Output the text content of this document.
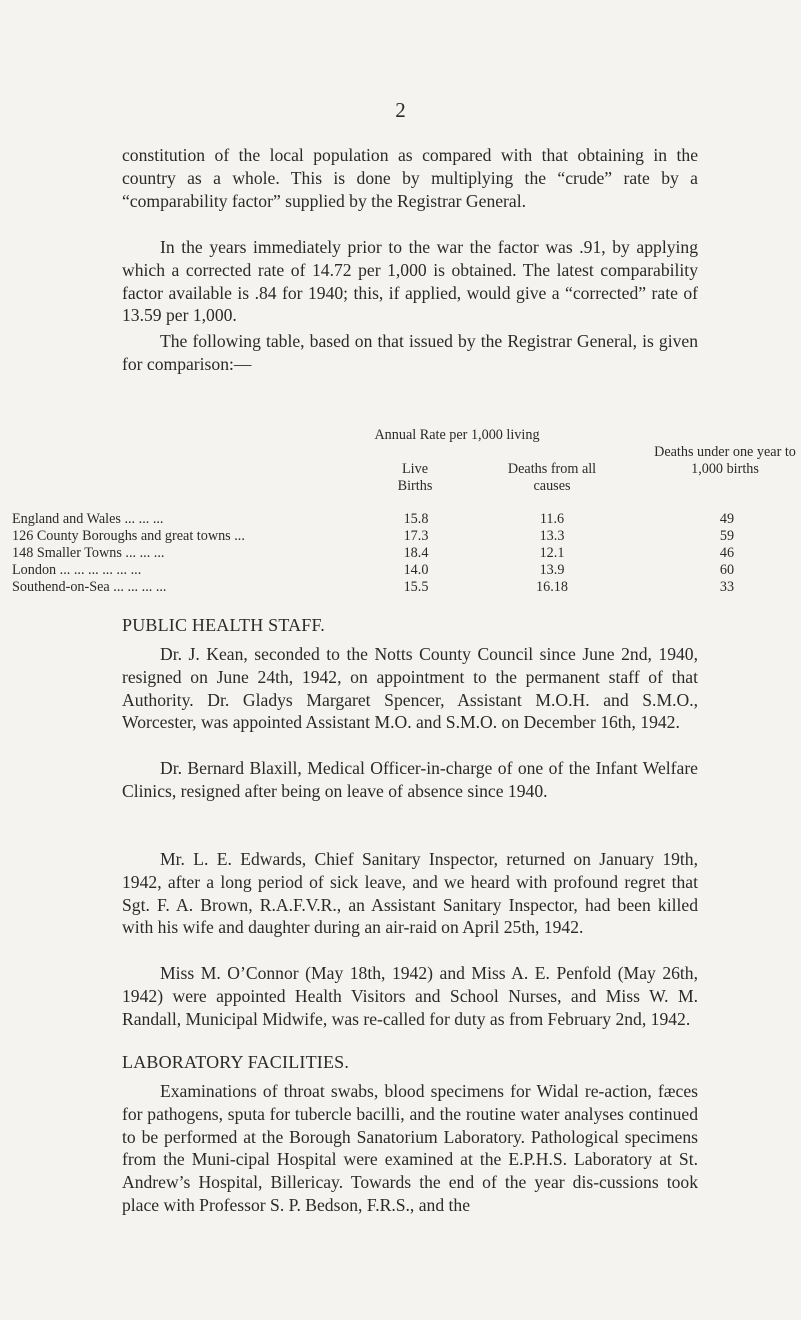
2

constitution of the local population as compared with that obtaining in the country as a whole. This is done by multiplying the “crude” rate by a “comparability factor” supplied by the Registrar General.

In the years immediately prior to the war the factor was .91, by applying which a corrected rate of 14.72 per 1,000 is obtained. The latest comparability factor available is .84 for 1940; this, if applied, would give a “corrected” rate of 13.59 per 1,000.

The following table, based on that issued by the Registrar General, is given for comparison:—

Annual Rate per 1,000 living
Live Births
Deaths from all causes
Deaths under one year to 1,000 births
England and Wales ... ... ...	15.8	11.6	49
126 County Boroughs and great towns ...	17.3	13.3	59
148 Smaller Towns ... ... ...	18.4	12.1	46
London ... ... ... ... ... ...	14.0	13.9	60
Southend-on-Sea ... ... ... ...	15.5	16.18	33
PUBLIC HEALTH STAFF.

Dr. J. Kean, seconded to the Notts County Council since June 2nd, 1940, resigned on June 24th, 1942, on appointment to the permanent staff of that Authority. Dr. Gladys Margaret Spencer, Assistant M.O.H. and S.M.O., Worcester, was appointed Assistant M.O. and S.M.O. on December 16th, 1942.

Dr. Bernard Blaxill, Medical Officer-in-charge of one of the Infant Welfare Clinics, resigned after being on leave of absence since 1940.

Mr. L. E. Edwards, Chief Sanitary Inspector, returned on January 19th, 1942, after a long period of sick leave, and we heard with profound regret that Sgt. F. A. Brown, R.A.F.V.R., an Assistant Sanitary Inspector, had been killed with his wife and daughter during an air-raid on April 25th, 1942.

Miss M. O’Connor (May 18th, 1942) and Miss A. E. Penfold (May 26th, 1942) were appointed Health Visitors and School Nurses, and Miss W. M. Randall, Municipal Midwife, was re-called for duty as from February 2nd, 1942.

LABORATORY FACILITIES.

Examinations of throat swabs, blood specimens for Widal re-action, fæces for pathogens, sputa for tubercle bacilli, and the routine water analyses continued to be performed at the Borough Sanatorium Laboratory. Pathological specimens from the Muni-cipal Hospital were examined at the E.P.H.S. Laboratory at St. Andrew’s Hospital, Billericay. Towards the end of the year dis-cussions took place with Professor S. P. Bedson, F.R.S., and the
